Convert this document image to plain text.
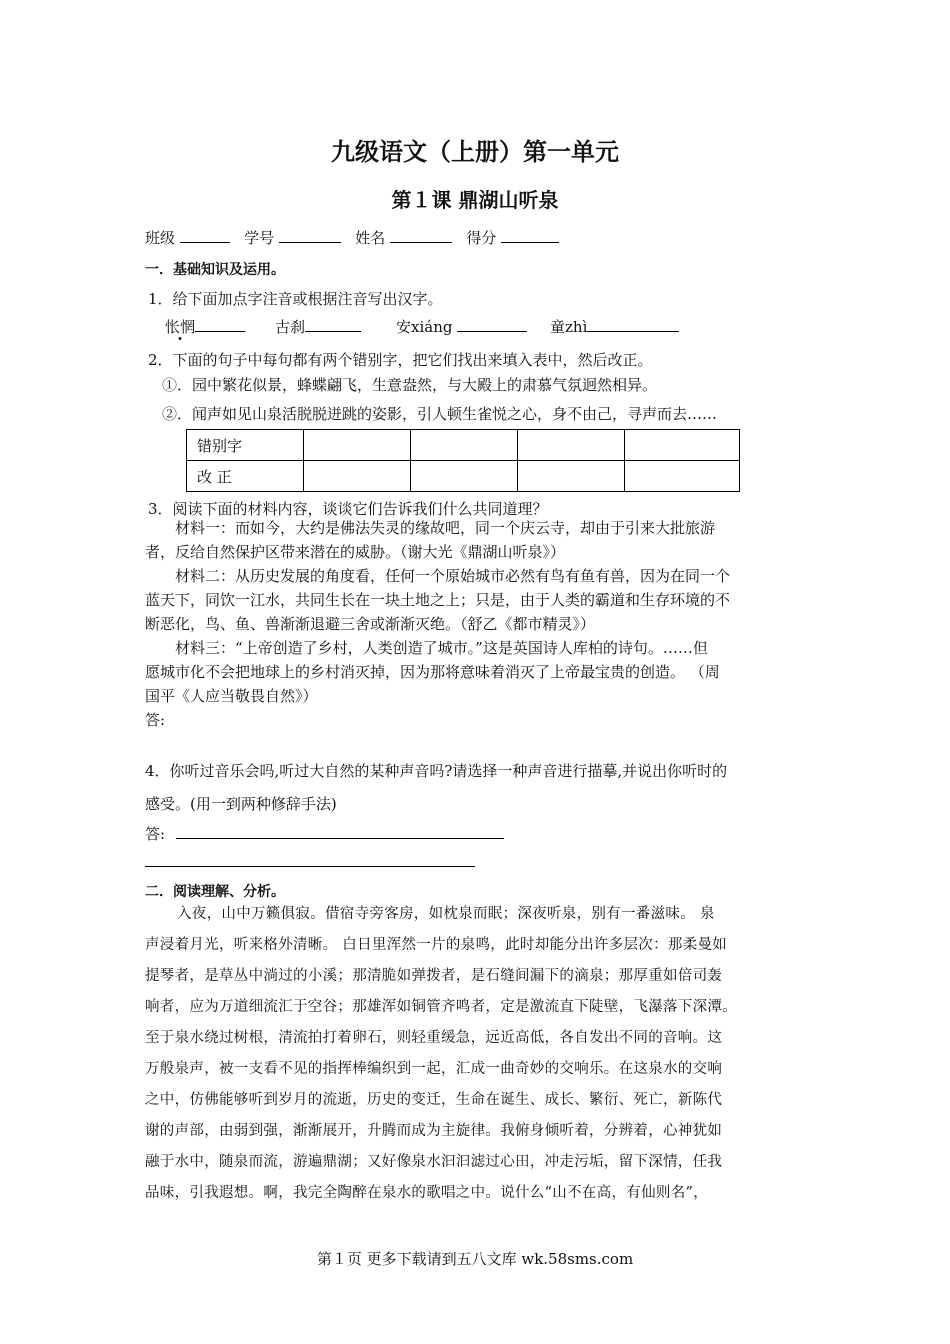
九级语文（上册）第一单元
第１课 鼎湖山听泉
班级	学号	姓名	得分
一．基础知识及运用。
1．给下面加点字注音或根据注音写出汉字。
怅惘	古刹	安xiáng	童zhì
2．下面的句子中每句都有两个错别字，把它们找出来填入表中，然后改正。
①．园中繁花似景，蜂蝶翩飞，生意盎然，与大殿上的肃慕气氛迥然相异。
②．闻声如见山泉活脱脱迸跳的姿影，引人顿生雀悦之心，身不由己，寻声而去……
错别字				
改 正				
3．阅读下面的材料内容，谈谈它们告诉我们什么共同道理？
材料一：而如今，大约是佛法失灵的缘故吧，同一个庆云寺，却由于引来大批旅游
者，反给自然保护区带来潜在的威胁。（谢大光《鼎湖山听泉》）
材料二：从历史发展的角度看，任何一个原始城市必然有鸟有鱼有兽，因为在同一个
蓝天下，同饮一江水，共同生长在一块土地之上；只是，由于人类的霸道和生存环境的不
断恶化，鸟、鱼、兽渐渐退避三舍或渐渐灭绝。（舒乙《都市精灵》）
材料三：“上帝创造了乡村，人类创造了城市。”这是英国诗人库柏的诗句。……但
愿城市化不会把地球上的乡村消灭掉，因为那将意味着消灭了上帝最宝贵的创造。 （周
国平《人应当敬畏自然》）
答:
4．你听过音乐会吗,听过大自然的某种声音吗?请选择一种声音进行描摹,并说出你听时的
感受。(用一到两种修辞手法)
答:
二．阅读理解、分析。
入夜，山中万籁俱寂。借宿寺旁客房，如枕泉而眠；深夜听泉，别有一番滋味。 泉
声浸着月光，听来格外清晰。 白日里浑然一片的泉鸣，此时却能分出许多层次：那柔曼如
提琴者，是草丛中淌过的小溪；那清脆如弹拨者，是石缝间漏下的滴泉；那厚重如倍司轰
响者，应为万道细流汇于空谷；那雄浑如铜管齐鸣者，定是激流直下陡壁，飞瀑落下深潭。
至于泉水绕过树根，清流拍打着卵石，则轻重缓急，远近高低，各自发出不同的音响。这
万般泉声，被一支看不见的指挥棒编织到一起，汇成一曲奇妙的交响乐。在这泉水的交响
之中，仿佛能够听到岁月的流逝，历史的变迁，生命在诞生、成长、繁衍、死亡，新陈代
谢的声部，由弱到强，渐渐展开，升腾而成为主旋律。我俯身倾听着，分辨着，心神犹如
融于水中，随泉而流，游遍鼎湖；又好像泉水汩汩滤过心田，冲走污垢，留下深情，任我
品味，引我遐想。啊，我完全陶醉在泉水的歌唱之中。说什么“山不在高，有仙则名”，
第１页 更多下载请到五八文库 wk.58sms.com
